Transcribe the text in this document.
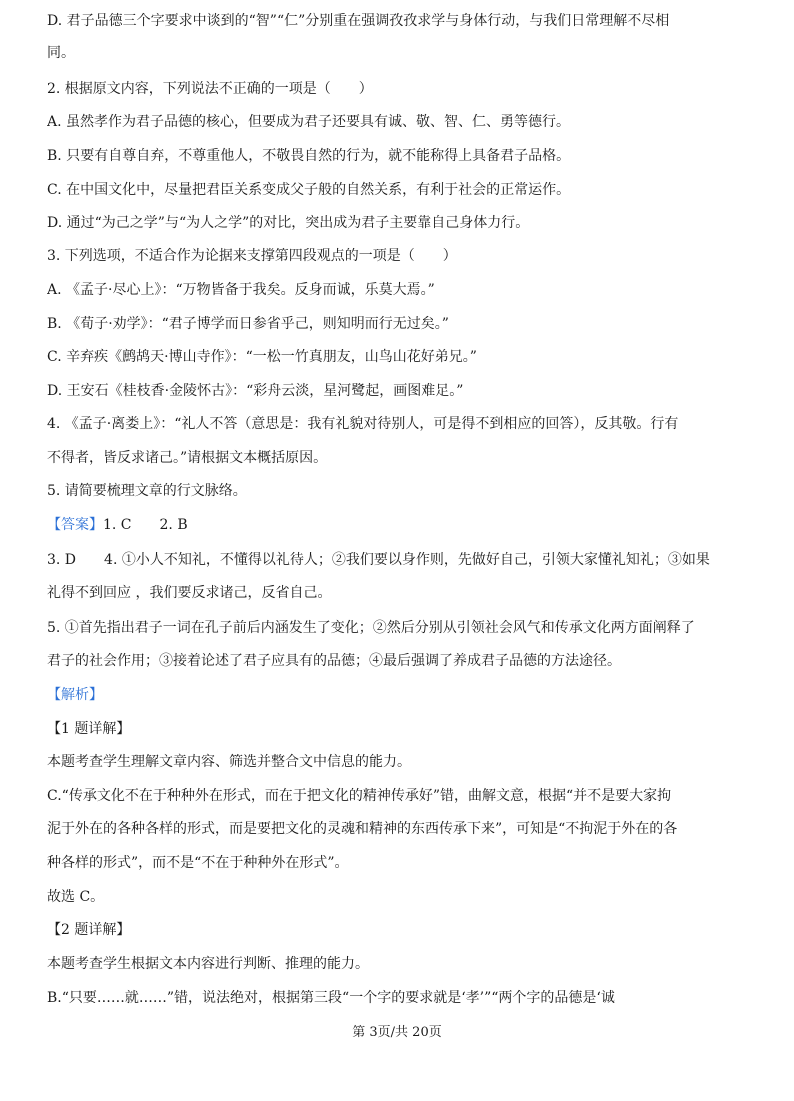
D. 君子品德三个字要求中谈到的“智”“仁”分别重在强调孜孜求学与身体行动，与我们日常理解不尽相
同。
2. 根据原文内容，下列说法不正确的一项是（　　）
A. 虽然孝作为君子品德的核心，但要成为君子还要具有诚、敬、智、仁、勇等德行。
B. 只要有自尊自弃，不尊重他人，不敬畏自然的行为，就不能称得上具备君子品格。
C. 在中国文化中，尽量把君臣关系变成父子般的自然关系，有利于社会的正常运作。
D. 通过“为己之学”与“为人之学”的对比，突出成为君子主要靠自己身体力行。
3. 下列选项，不适合作为论据来支撑第四段观点的一项是（　　）
A. 《孟子·尽心上》：“万物皆备于我矣。反身而诚，乐莫大焉。”
B. 《荀子·劝学》：“君子博学而日参省乎己，则知明而行无过矣。”
C. 辛弃疾《鹧鸪天·博山寺作》：“一松一竹真朋友，山鸟山花好弟兄。”
D. 王安石《桂枝香·金陵怀古》：“彩舟云淡，星河鹭起，画图难足。”
4. 《孟子·离娄上》：“礼人不答（意思是：我有礼貌对待别人，可是得不到相应的回答），反其敬。行有
不得者，皆反求诸己。”请根据文本概括原因。
5. 请简要梳理文章的行文脉络。
【答案】1. C　　2. B
3. D　　4. ①小人不知礼，不懂得以礼待人；②我们要以身作则，先做好自己，引领大家懂礼知礼；③如果
礼得不到回应 ，我们要反求诸己，反省自己。
5. ①首先指出君子一词在孔子前后内涵发生了变化；②然后分别从引领社会风气和传承文化两方面阐释了
君子的社会作用；③接着论述了君子应具有的品德；④最后强调了养成君子品德的方法途径。
【解析】
【1 题详解】
本题考查学生理解文章内容、筛选并整合文中信息的能力。
C.“传承文化不在于种种外在形式，而在于把文化的精神传承好”错，曲解文意，根据“并不是要大家拘
泥于外在的各种各样的形式，而是要把文化的灵魂和精神的东西传承下来”，可知是“不拘泥于外在的各
种各样的形式”，而不是“不在于种种外在形式”。
故选 C。
【2 题详解】
本题考查学生根据文本内容进行判断、推理的能力。
B.“只要……就……”错，说法绝对，根据第三段“一个字的要求就是‘孝’”“两个字的品德是‘诚
第 3页/共 20页
